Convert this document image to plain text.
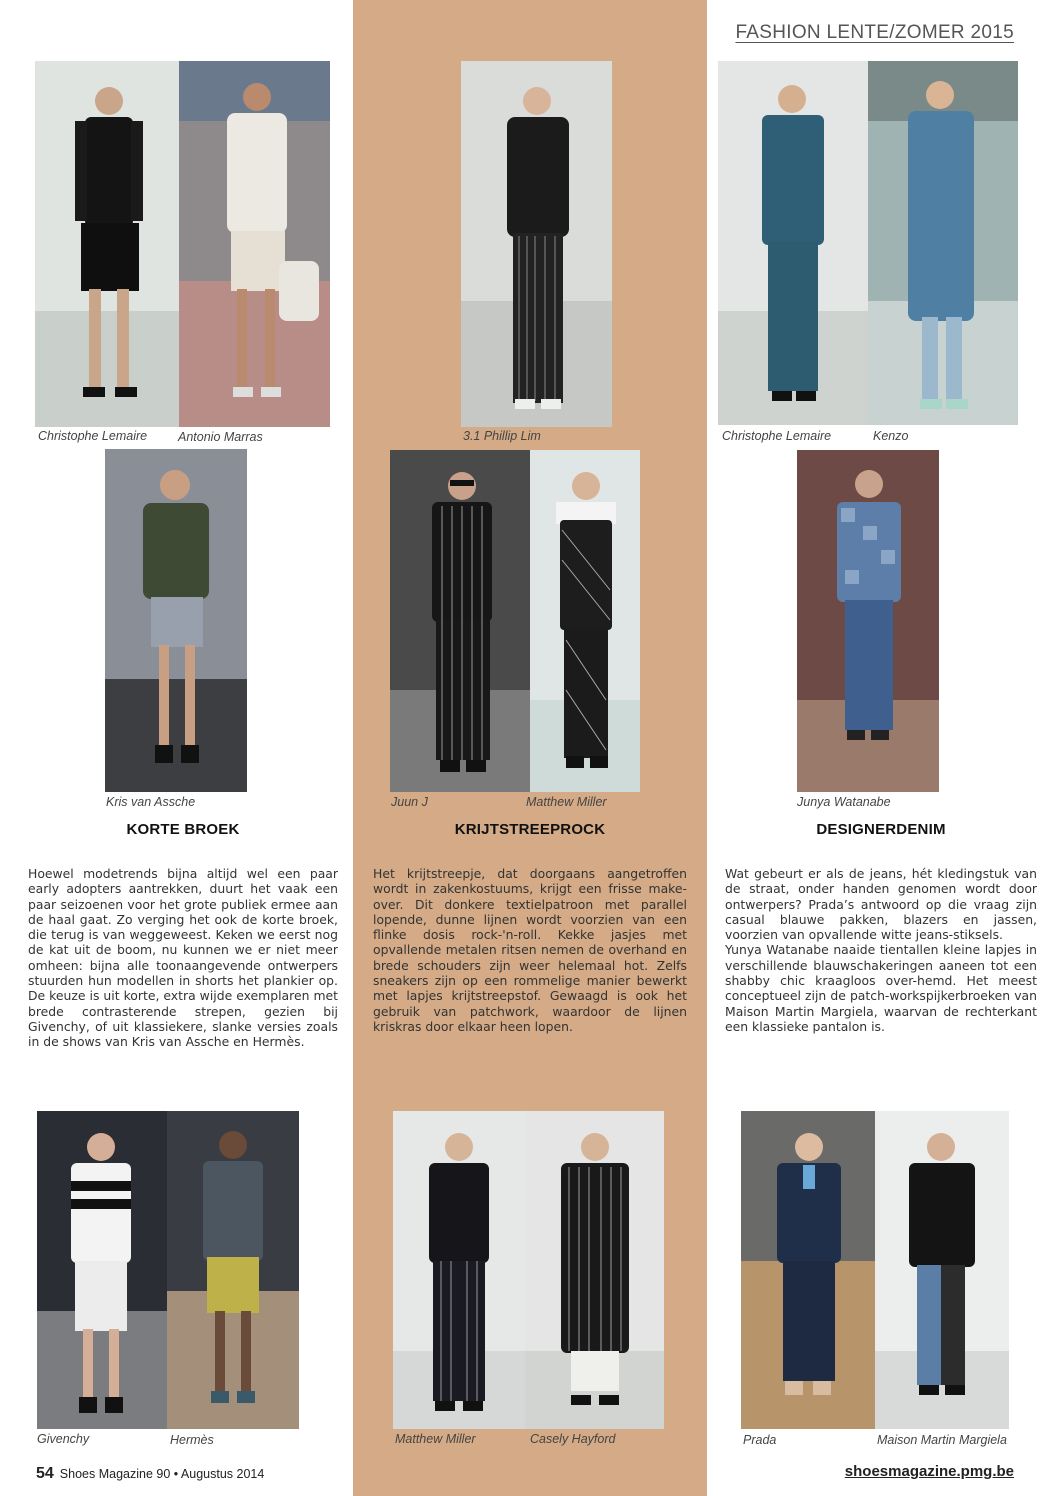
FASHION LENTE/ZOMER 2015
Christophe Lemaire Antonio Marras	3.1 Phillip Lim	Christophe Lemaire	Kenzo
Kris van Assche	Juun J	Matthew Miller	Junya Watanabe
KORTE BROEK	KRIJTSTREEPROCK	DESIGNERDENIM

Hoewel modetrends bijna altijd wel een paar early adopters aantrekken, duurt het vaak een paar seizoenen voor het grote publiek ermee aan de haal gaat. Zo verging het ook de korte broek, die terug is van weggeweest. Keken we eerst nog de kat uit de boom, nu kunnen we er niet meer omheen: bijna alle toonaangevende ontwerpers stuurden hun modellen in shorts het plankier op. De keuze is uit korte, extra wijde exemplaren met brede contrasterende strepen, gezien bij Givenchy, of uit klassiekere, slanke versies zoals in de shows van Kris van Assche en Hermès.

Het krijtstreepje, dat doorgaans aangetroffen wordt in zakenkostuums, krijgt een frisse make-over. Dit donkere textielpatroon met parallel lopende, dunne lijnen wordt voorzien van een flinke dosis rock-'n-roll. Kekke jasjes met opvallende metalen ritsen nemen de overhand en brede schouders zijn weer helemaal hot. Zelfs sneakers zijn op een rommelige manier bewerkt met lapjes krijtstreepstof. Gewaagd is ook het gebruik van patchwork, waardoor de lijnen kriskras door elkaar heen lopen.

Wat gebeurt er als de jeans, hét kledingstuk van de straat, onder handen genomen wordt door ontwerpers? Prada’s antwoord op die vraag zijn casual blauwe pakken, blazers en jassen, voorzien van opvallende witte jeans-stiksels.

Yunya Watanabe naaide tientallen kleine lapjes in verschillende blauwschakeringen aaneen tot een shabby chic kraagloos over-hemd. Het meest conceptueel zijn de patch-workspijkerbroeken van Maison Martin Margiela, waarvan de rechterkant een klassieke pantalon is.

Givenchy	Hermès	Matthew Miller	Casely Hayford	Prada	Maison Martin Margiela
54 Shoes Magazine 90 • Augustus 2014	shoesmagazine.pmg.be
